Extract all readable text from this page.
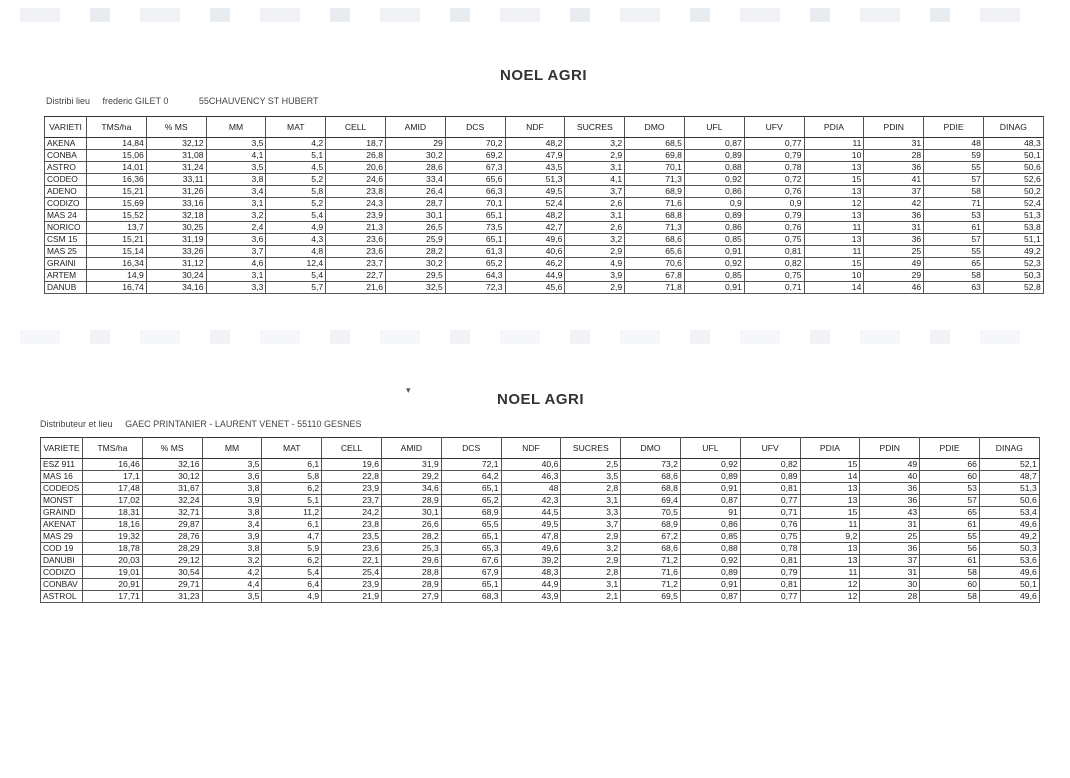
NOEL AGRI
Distribi lieu frederic GILET 0	55CHAUVENCY ST HUBERT
VARIETI	TMS/ha	% MS	MM	MAT	CELL	AMID	DCS	NDF	SUCRES	DMO	UFL	UFV	PDIA	PDIN	PDIE	DINAG
AKENA	14,84	32,12	3,5	4,2	18,7	29	70,2	48,2	3,2	68,5	0,87	0,77	11	31	48	48,3
CONBA	15,06	31,08	4,1	5,1	26,8	30,2	69,2	47,9	2,9	69,8	0,89	0,79	10	28	59	50,1
ASTRO	14,01	31,24	3,5	4,5	20,6	28,6	67,3	43,5	3,1	70,1	0,88	0,78	13	36	55	50,6
CODEO	16,36	33,11	3,8	5,2	24,6	33,4	65,6	51,3	4,1	71,3	0,92	0,72	15	41	57	52,6
ADENO	15,21	31,26	3,4	5,8	23,8	26,4	66,3	49,5	3,7	68,9	0,86	0,76	13	37	58	50,2
CODIZO	15,69	33,16	3,1	5,2	24,3	28,7	70,1	52,4	2,6	71,6	0,9	0,9	12	42	71	52,4
MAS 24	15,52	32,18	3,2	5,4	23,9	30,1	65,1	48,2	3,1	68,8	0,89	0,79	13	36	53	51,3
NORICO	13,7	30,25	2,4	4,9	21,3	26,5	73,5	42,7	2,6	71,3	0,86	0,76	11	31	61	53,8
CSM 15	15,21	31,19	3,6	4,3	23,6	25,9	65,1	49,6	3,2	68,6	0,85	0,75	13	36	57	51,1
MAS 25	15,14	33,26	3,7	4,8	23,6	28,2	61,3	40,6	2,9	65,6	0,91	0,81	11	25	55	49,2
GRAINI	16,34	31,12	4,6	12,4	23,7	30,2	65,2	46,2	4,9	70,6	0,92	0,82	15	49	65	52,3
ARTEM	14,9	30,24	3,1	5,4	22,7	29,5	64,3	44,9	3,9	67,8	0,85	0,75	10	29	58	50,3
DANUB	16,74	34,16	3,3	5,7	21,6	32,5	72,3	45,6	2,9	71,8	0,91	0,71	14	46	63	52,8
NOEL AGRI
Distributeur et lieu GAEC PRINTANIER - LAURENT VENET - 55110 GESNES
VARIETE	TMS/ha	% MS	MM	MAT	CELL	AMID	DCS	NDF	SUCRES	DMO	UFL	UFV	PDIA	PDIN	PDIE	DINAG
ESZ 911	16,46	32,16	3,5	6,1	19,6	31,9	72,1	40,6	2,5	73,2	0,92	0,82	15	49	66	52,1
MAS 16	17,1	30,12	3,6	5,8	22,8	29,2	64,2	46,3	3,5	68,6	0,89	0,89	14	40	60	48,7
CODEOS	17,48	31,67	3,8	6,2	23,9	34,6	65,1	48	2,8	68,8	0,91	0,81	13	36	53	51,3
MONST	17,02	32,24	3,9	5,1	23,7	28,9	65,2	42,3	3,1	69,4	0,87	0,77	13	36	57	50,6
GRAIND	18,31	32,71	3,8	11,2	24,2	30,1	68,9	44,5	3,3	70,5	91	0,71	15	43	65	53,4
AKENAT	18,16	29,87	3,4	6,1	23,8	26,6	65,5	49,5	3,7	68,9	0,86	0,76	11	31	61	49,6
MAS 29	19,32	28,76	3,9	4,7	23,5	28,2	65,1	47,8	2,9	67,2	0,85	0,75	9,2	25	55	49,2
COD 19	18,78	28,29	3,8	5,9	23,6	25,3	65,3	49,6	3,2	68,6	0,88	0,78	13	36	56	50,3
DANUBI	20,03	29,12	3,2	6,2	22,1	29,6	67,6	39,2	2,9	71,2	0,92	0,81	13	37	61	53,6
CODIZO	19,01	30,54	4,2	5,4	25,4	28,8	67,9	48,3	2,8	71,6	0,89	0,79	11	31	58	49,6
CONBAV	20,91	29,71	4,4	6,4	23,9	28,9	65,1	44,9	3,1	71,2	0,91	0,81	12	30	60	50,1
ASTROL	17,71	31,23	3,5	4,9	21,9	27,9	68,3	43,9	2,1	69,5	0,87	0,77	12	28	58	49,6
▾
